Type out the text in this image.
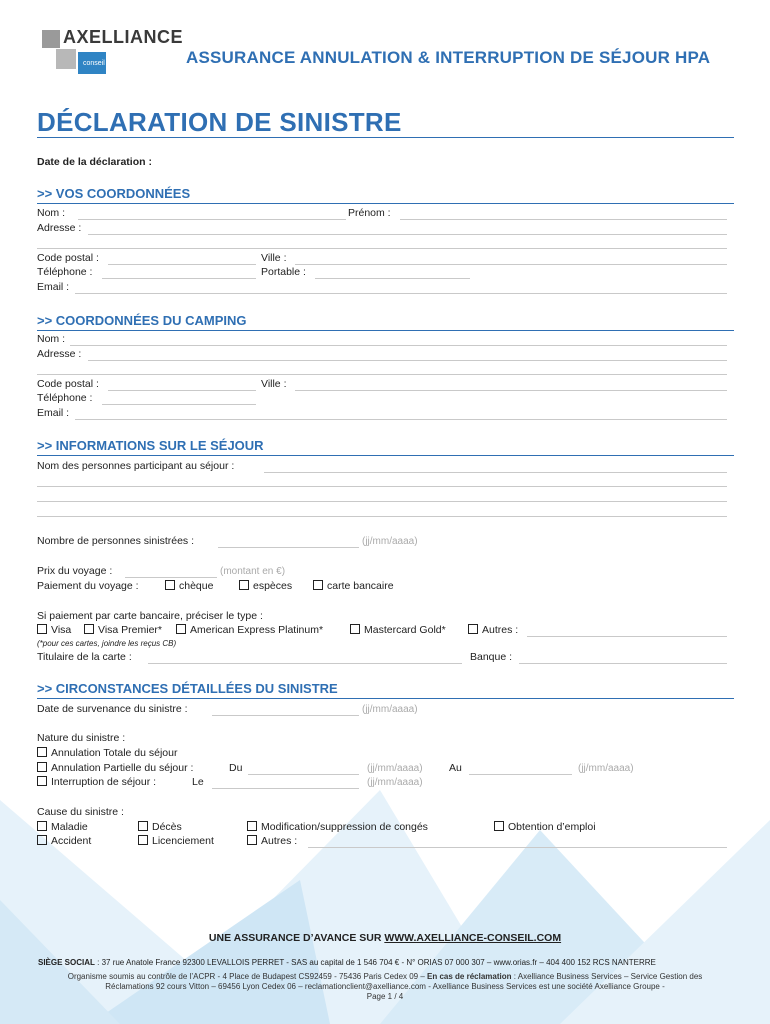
AXELLIANCE
conseil	ASSURANCE ANNULATION & INTERRUPTION DE SÉJOUR HPA
DÉCLARATION DE SINISTRE
Date de la déclaration :
>> VOS COORDONNÉES
Nom :	Prénom :
Adresse :
Code postal :	Ville :
Téléphone :	Portable :
Email :
>> COORDONNÉES DU CAMPING
Nom :
Adresse :
Code postal :	Ville :
Téléphone :
Email :
>> INFORMATIONS SUR LE SÉJOUR
Nom des personnes participant au séjour :
Nombre de personnes sinistrées :	(jj/mm/aaaa)
Prix du voyage :	(montant en €)
Paiement du voyage :	chèque	espèces	carte bancaire
Si paiement par carte bancaire, préciser le type :
Visa	Visa Premier*	American Express Platinum*	Mastercard Gold*	Autres :
(*pour ces cartes, joindre les reçus CB)
Titulaire de la carte :	Banque :
>> CIRCONSTANCES DÉTAILLÉES DU SINISTRE
Date de survenance du sinistre :	(jj/mm/aaaa)
Nature du sinistre :
Annulation Totale du séjour
Annulation Partielle du séjour :	Du	(jj/mm/aaaa)	Au	(jj/mm/aaaa)
Interruption de séjour :	Le	(jj/mm/aaaa)
Cause du sinistre :
Maladie	Décès	Modification/suppression de congés	Obtention d’emploi
Accident	Licenciement	Autres :
UNE ASSURANCE D’AVANCE SUR WWW.AXELLIANCE-CONSEIL.COM
SIÈGE SOCIAL : 37 rue Anatole France 92300 LEVALLOIS PERRET - SAS au capital de 1 546 704 € - N° ORIAS 07 000 307 – www.orias.fr – 404 400 152 RCS NANTERRE
Organisme soumis au contrôle de l’ACPR - 4 Place de Budapest CS92459 - 75436 Paris Cedex 09 – En cas de réclamation : Axelliance Business Services – Service Gestion des
Réclamations 92 cours Vitton – 69456 Lyon Cedex 06 – reclamationclient@axelliance.com - Axelliance Business Services est une société Axelliance Groupe -
Page 1 / 4
